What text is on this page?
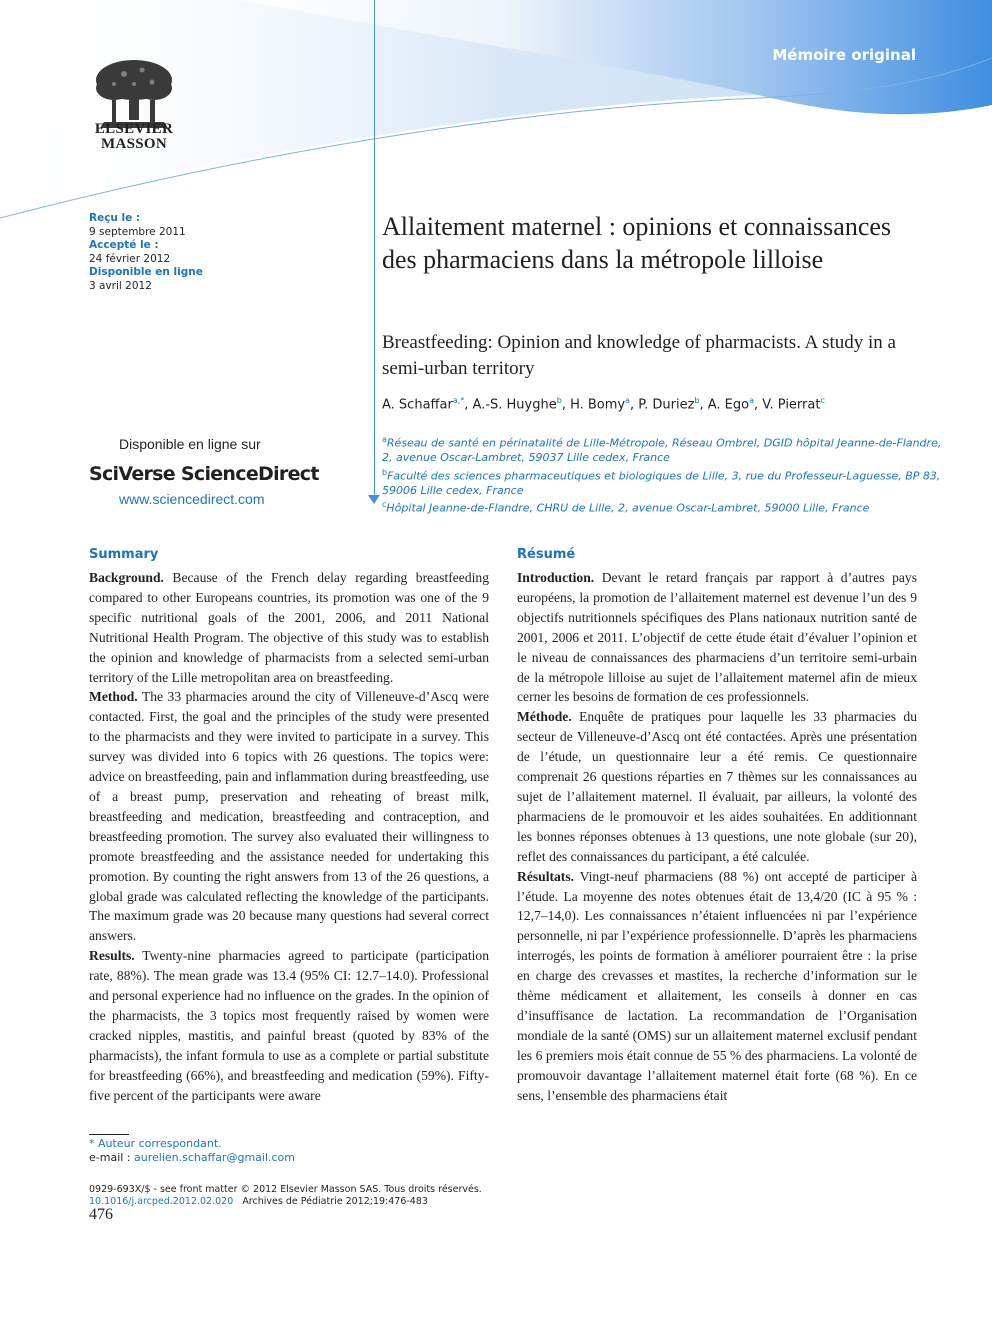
Mémoire original
ELSEVIER
MASSON
Reçu le :
9 septembre 2011
Accepté le :
24 février 2012
Disponible en ligne
3 avril 2012
Allaitement maternel : opinions et connaissances des pharmaciens dans la métropole lilloise
Breastfeeding: Opinion and knowledge of pharmacists. A study in a semi-urban territory
A. Schaffar$^{a,*}$, A.-S. Huyghe$^b$, H. Bomy$^a$, P. Duriez$^b$, A. Ego$^a$, V. Pierrat$^c$
$^a$Réseau de santé en périnatalité de Lille-Métropole, Réseau Ombrel, DGID hôpital Jeanne-de-Flandre, 2, avenue Oscar-Lambret, 59037 Lille cedex, France
$^b$Faculté des sciences pharmaceutiques et biologiques de Lille, 3, rue du Professeur-Laguesse, BP 83, 59006 Lille cedex, France
$^c$Hôpital Jeanne-de-Flandre, CHRU de Lille, 2, avenue Oscar-Lambret, 59000 Lille, France
Disponible en ligne sur
SciVerse ScienceDirect
www.sciencedirect.com
Summary	Résumé

Background. Because of the French delay regarding breastfeeding compared to other Europeans countries, its promotion was one of the 9 specific nutritional goals of the 2001, 2006, and 2011 National Nutritional Health Program. The objective of this study was to establish the opinion and knowledge of pharmacists from a selected semi-urban territory of the Lille metropolitan area on breastfeeding.

Method. The 33 pharmacies around the city of Villeneuve-d’Ascq were contacted. First, the goal and the principles of the study were presented to the pharmacists and they were invited to participate in a survey. This survey was divided into 6 topics with 26 questions. The topics were: advice on breastfeeding, pain and inflammation during breastfeeding, use of a breast pump, preservation and reheating of breast milk, breastfeeding and medication, breastfeeding and contraception, and breastfeeding promotion. The survey also evaluated their willingness to promote breastfeeding and the assistance needed for undertaking this promotion. By counting the right answers from 13 of the 26 questions, a global grade was calculated reflecting the knowledge of the participants. The maximum grade was 20 because many questions had several correct answers.

Results. Twenty-nine pharmacies agreed to participate (participation rate, 88%). The mean grade was 13.4 (95% CI: 12.7–14.0). Professional and personal experience had no influence on the grades. In the opinion of the pharmacists, the 3 topics most frequently raised by women were cracked nipples, mastitis, and painful breast (quoted by 83% of the pharmacists), the infant formula to use as a complete or partial substitute for breastfeeding (66%), and breastfeeding and medication (59%). Fifty-five percent of the participants were aware

Introduction. Devant le retard français par rapport à d’autres pays européens, la promotion de l’allaitement maternel est devenue l’un des 9 objectifs nutritionnels spécifiques des Plans nationaux nutrition santé de 2001, 2006 et 2011. L’objectif de cette étude était d’évaluer l’opinion et le niveau de connaissances des pharmaciens d’un territoire semi-urbain de la métropole lilloise au sujet de l’allaitement maternel afin de mieux cerner les besoins de formation de ces professionnels.

Méthode. Enquête de pratiques pour laquelle les 33 pharmacies du secteur de Villeneuve-d’Ascq ont été contactées. Après une présentation de l’étude, un questionnaire leur a été remis. Ce questionnaire comprenait 26 questions réparties en 7 thèmes sur les connaissances au sujet de l’allaitement maternel. Il évaluait, par ailleurs, la volonté des pharmaciens de le promouvoir et les aides souhaitées. En additionnant les bonnes réponses obtenues à 13 questions, une note globale (sur 20), reflet des connaissances du participant, a été calculée.

Résultats. Vingt-neuf pharmaciens (88 %) ont accepté de participer à l’étude. La moyenne des notes obtenues était de 13,4/20 (IC à 95 % : 12,7–14,0). Les connaissances n’étaient influencées ni par l’expérience personnelle, ni par l’expérience professionnelle. D’après les pharmaciens interrogés, les points de formation à améliorer pourraient être : la prise en charge des crevasses et mastites, la recherche d’information sur le thème médicament et allaitement, les conseils à donner en cas d’insuffisance de lactation. La recommandation de l’Organisation mondiale de la santé (OMS) sur un allaitement maternel exclusif pendant les 6 premiers mois était connue de 55 % des pharmaciens. La volonté de promouvoir davantage l’allaitement maternel était forte (68 %). En ce sens, l’ensemble des pharmaciens était

* Auteur correspondant.
e-mail : aurelien.schaffar@gmail.com
0929-693X/$ - see front matter © 2012 Elsevier Masson SAS. Tous droits réservés.
10.1016/j.arcped.2012.02.020 Archives de Pédiatrie 2012;19:476-483
476
